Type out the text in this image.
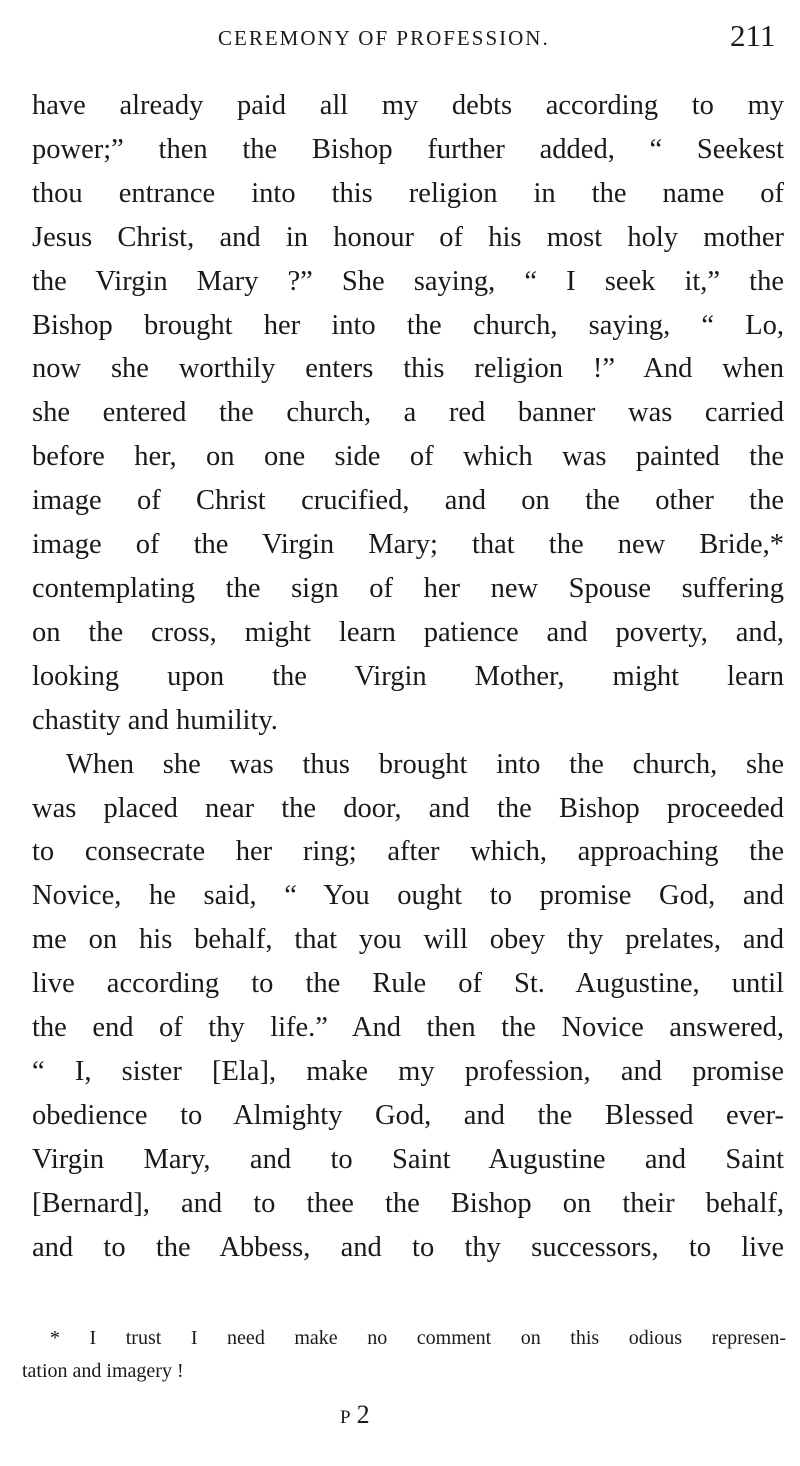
CEREMONY OF PROFESSION.	211

have already paid all my debts according to my
power;” then the Bishop further added, “ Seekest
thou entrance into this religion in the name of
Jesus Christ, and in honour of his most holy mother
the Virgin Mary ?” She saying, “ I seek it,” the
Bishop brought her into the church, saying, “ Lo,
now she worthily enters this religion !” And when
she entered the church, a red banner was carried
before her, on one side of which was painted the
image of Christ crucified, and on the other the
image of the Virgin Mary; that the new Bride,*
contemplating the sign of her new Spouse suffering
on the cross, might learn patience and poverty, and,
looking upon the Virgin Mother, might learn
chastity and humility.

When she was thus brought into the church, she
was placed near the door, and the Bishop proceeded
to consecrate her ring; after which, approaching the
Novice, he said, “ You ought to promise God, and
me on his behalf, that you will obey thy prelates, and
live according to the Rule of St. Augustine, until
the end of thy life.” And then the Novice answered,
“ I, sister [Ela], make my profession, and promise
obedience to Almighty God, and the Blessed ever-
Virgin Mary, and to Saint Augustine and Saint
[Bernard], and to thee the Bishop on their behalf,
and to the Abbess, and to thy successors, to live

* I trust I need make no comment on this odious represen-
tation and imagery !
P 2
